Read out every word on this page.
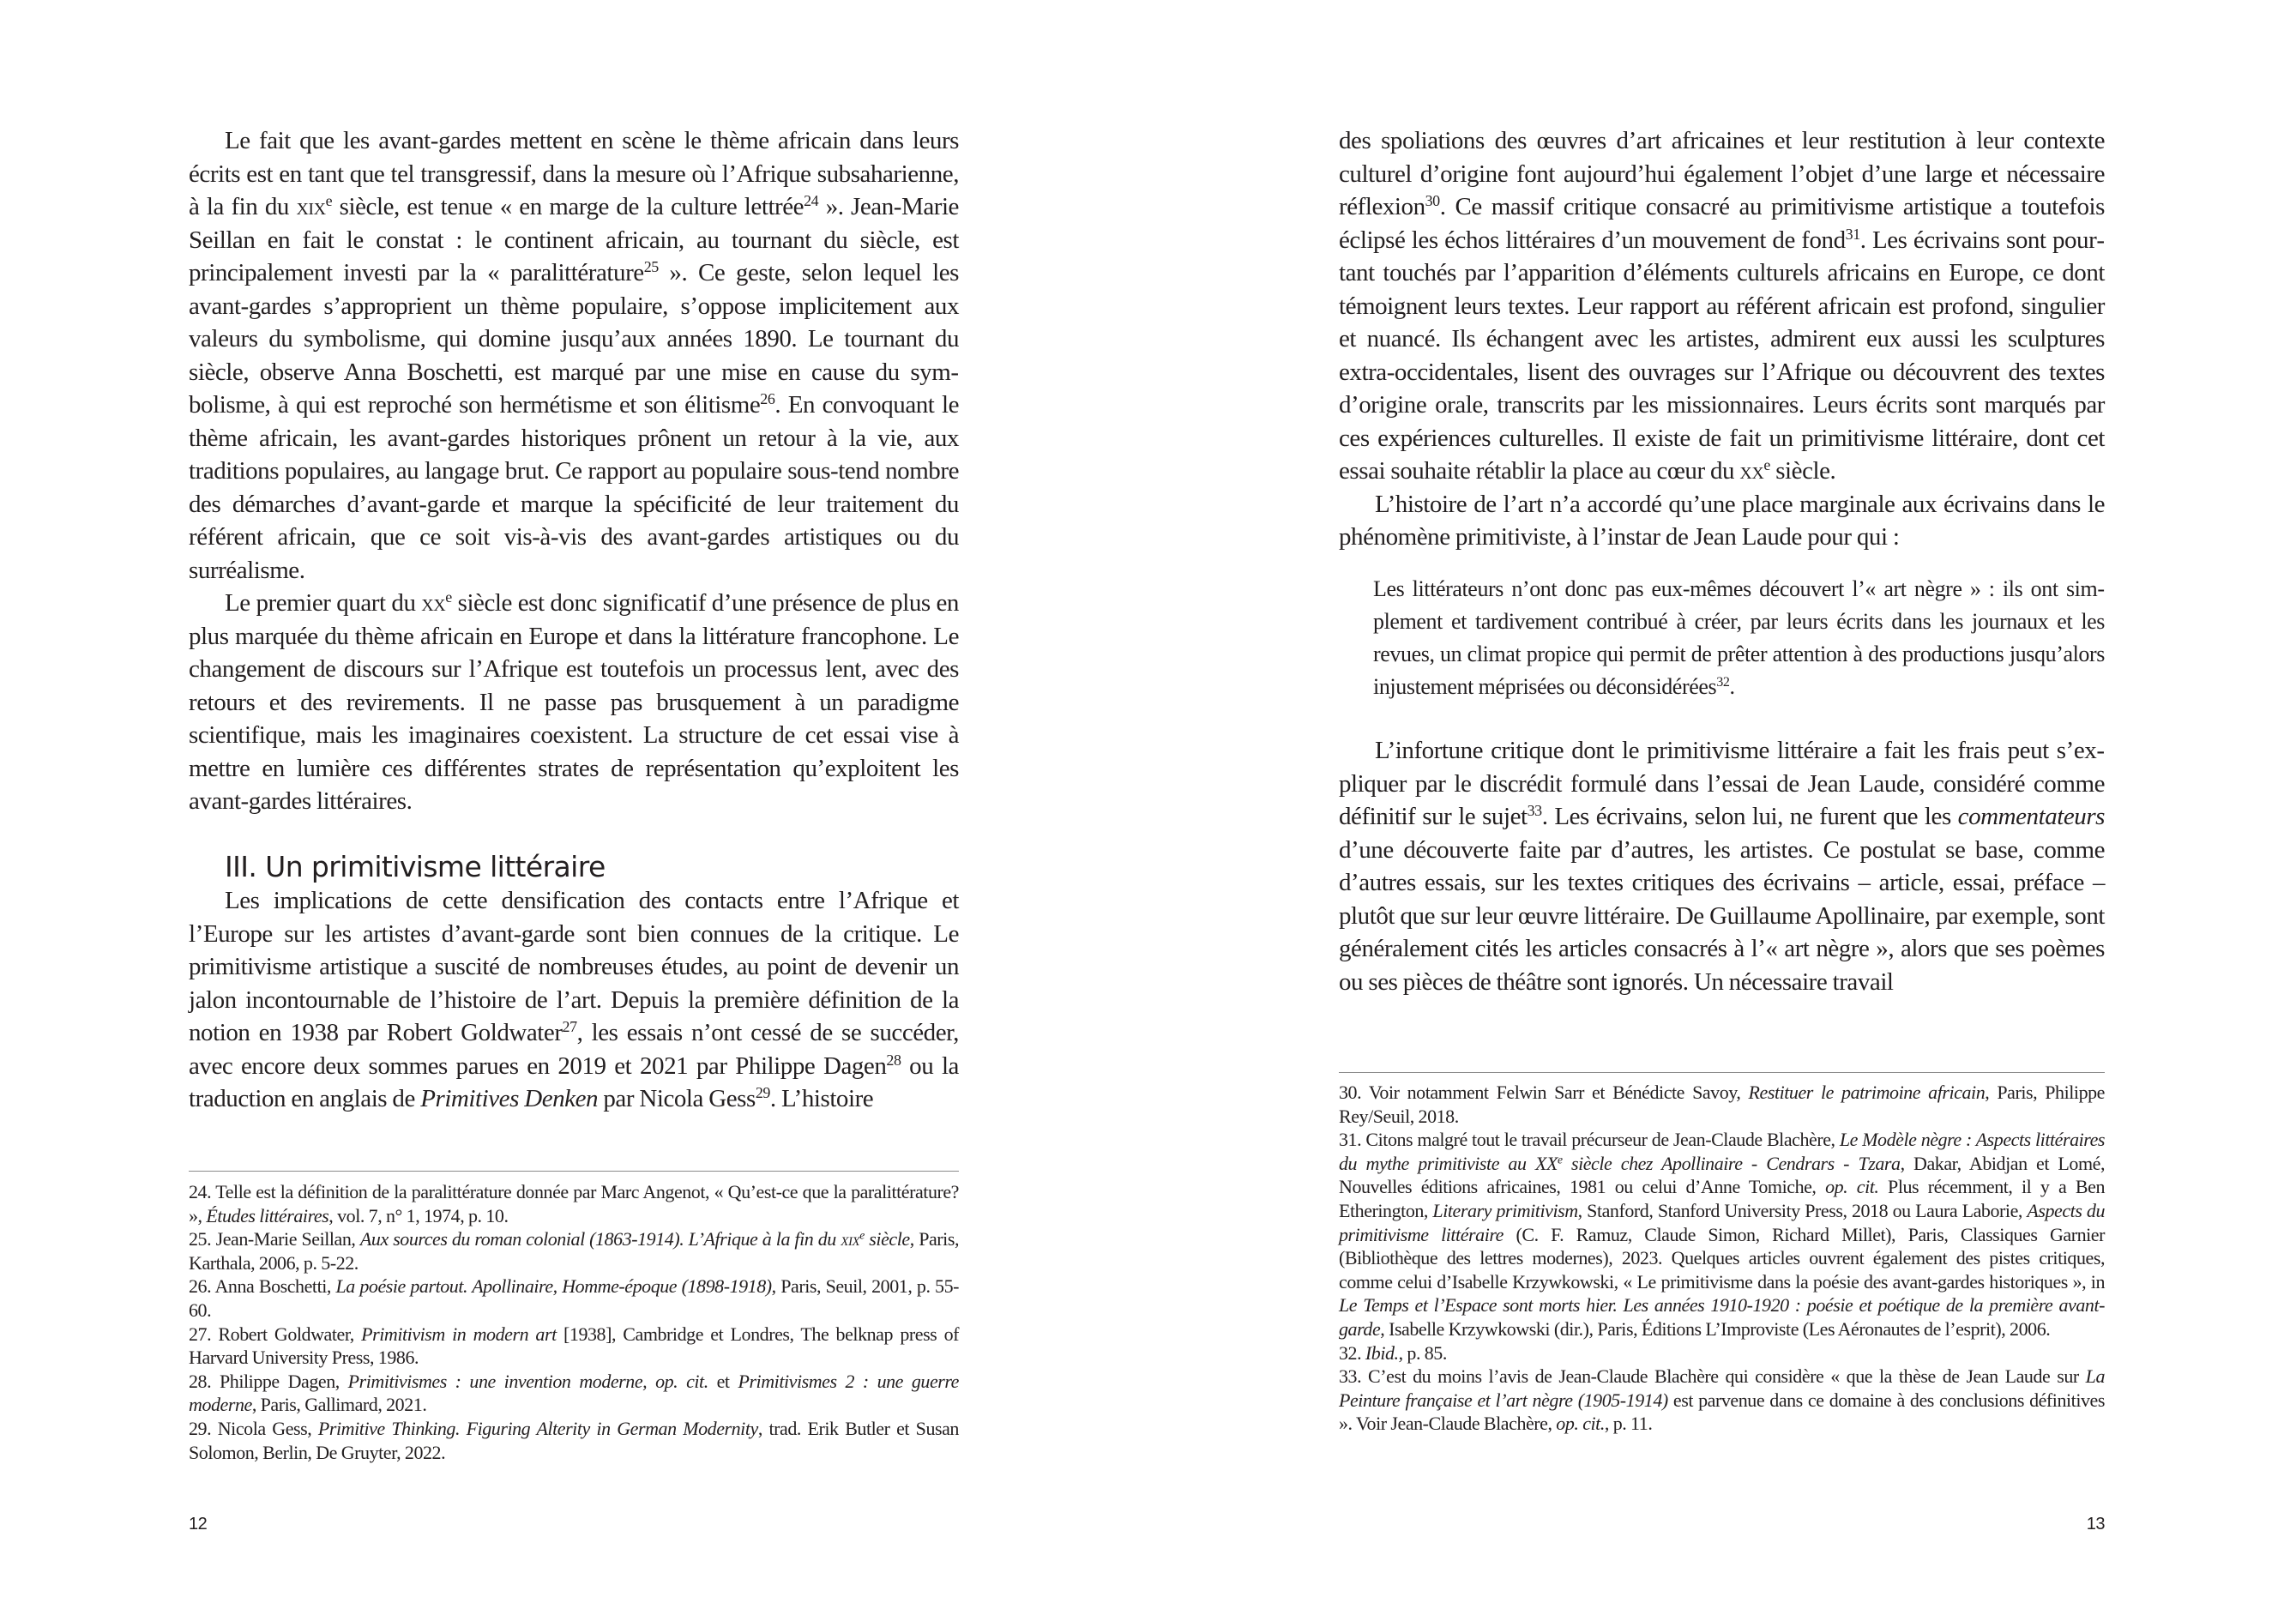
Le fait que les avant-gardes mettent en scène le thème africain dans leurs écrits est en tant que tel transgressif, dans la mesure où l’Afrique subsaharienne, à la fin du xix$^e$ siècle, est tenue « en marge de la culture lettrée$^{24}$ ». Jean-Marie Seillan en fait le constat : le continent africain, au tournant du siècle, est principalement investi par la « paralittérature$^{25}$ ». Ce geste, selon lequel les avant-gardes s’approprient un thème populaire, s’oppose implicitement aux valeurs du symbolisme, qui domine jusqu’aux années 1890. Le tournant du siècle, observe Anna Boschetti, est marqué par une mise en cause du symbolisme, à qui est reproché son hermétisme et son élitisme$^{26}$. En convoquant le thème africain, les avant-gardes historiques prônent un retour à la vie, aux traditions populaires, au langage brut. Ce rapport au populaire sous-tend nombre des démarches d’avant-garde et marque la spécificité de leur traitement du référent africain, que ce soit vis-à-vis des avant-gardes artistiques ou du surréalisme.

Le premier quart du $xx^e$ siècle est donc significatif d’une présence de plus en plus marquée du thème africain en Europe et dans la littérature francophone. Le changement de discours sur l’Afrique est toutefois un processus lent, avec des retours et des revirements. Il ne passe pas brusquement à un paradigme scientifique, mais les imaginaires coexistent. La structure de cet essai vise à mettre en lumière ces différentes strates de représentation qu’exploitent les avant-gardes littéraires.

III. Un primitivisme littéraire

Les implications de cette densification des contacts entre l’Afrique et l’Europe sur les artistes d’avant-garde sont bien connues de la critique. Le primitivisme artistique a suscité de nombreuses études, au point de devenir un jalon incontournable de l’histoire de l’art. Depuis la première définition de la notion en 1938 par Robert Goldwater$^{27}$, les essais n’ont cessé de se succéder, avec encore deux sommes parues en 2019 et 2021 par Philippe Dagen$^{28}$ ou la traduction en anglais de Primitives Denken par Nicola Gess$^{29}$. L’histoire

24. Telle est la définition de la paralittérature donnée par Marc Angenot, « Qu’est-ce que la paralittérature? », Études littéraires, vol. 7, n° 1, 1974, p. 10.

25. Jean-Marie Seillan, Aux sources du roman colonial (1863-1914). L’Afrique à la fin du xix$^e$ siècle, Paris, Karthala, 2006, p. 5-22.

26. Anna Boschetti, La poésie partout. Apollinaire, Homme-époque (1898-1918), Paris, Seuil, 2001, p. 55-60.

27. Robert Goldwater, Primitivism in modern art [1938], Cambridge et Londres, The belknap press of Harvard University Press, 1986.

28. Philippe Dagen, Primitivismes : une invention moderne, op. cit. et Primitivismes 2 : une guerre moderne, Paris, Gallimard, 2021.

29. Nicola Gess, Primitive Thinking. Figuring Alterity in German Modernity, trad. Erik Butler et Susan Solomon, Berlin, De Gruyter, 2022.

12

des spoliations des œuvres d’art africaines et leur restitution à leur contexte culturel d’origine font aujourd’hui également l’objet d’une large et nécessaire réflexion$^{30}$. Ce massif critique consacré au primitivisme artistique a toutefois éclipsé les échos littéraires d’un mouvement de fond$^{31}$. Les écrivains sont pourtant touchés par l’apparition d’éléments culturels africains en Europe, ce dont témoignent leurs textes. Leur rapport au référent africain est profond, singulier et nuancé. Ils échangent avec les artistes, admirent eux aussi les sculptures extra-occidentales, lisent des ouvrages sur l’Afrique ou découvrent des textes d’origine orale, transcrits par les missionnaires. Leurs écrits sont marqués par ces expériences culturelles. Il existe de fait un primitivisme littéraire, dont cet essai souhaite rétablir la place au cœur du $xx^e$ siècle.

L’histoire de l’art n’a accordé qu’une place marginale aux écrivains dans le phénomène primitiviste, à l’instar de Jean Laude pour qui :

Les littérateurs n’ont donc pas eux-mêmes découvert l’« art nègre » : ils ont simplement et tardivement contribué à créer, par leurs écrits dans les journaux et les revues, un climat propice qui permit de prêter attention à des productions jusqu’alors injustement méprisées ou déconsidérées$^{32}$.

L’infortune critique dont le primitivisme littéraire a fait les frais peut s’expliquer par le discrédit formulé dans l’essai de Jean Laude, considéré comme définitif sur le sujet$^{33}$. Les écrivains, selon lui, ne furent que les commentateurs d’une découverte faite par d’autres, les artistes. Ce postulat se base, comme d’autres essais, sur les textes critiques des écrivains – article, essai, préface – plutôt que sur leur œuvre littéraire. De Guillaume Apollinaire, par exemple, sont généralement cités les articles consacrés à l’« art nègre », alors que ses poèmes ou ses pièces de théâtre sont ignorés. Un nécessaire travail

30. Voir notamment Felwin Sarr et Bénédicte Savoy, Restituer le patrimoine africain, Paris, Philippe Rey/Seuil, 2018.

31. Citons malgré tout le travail précurseur de Jean-Claude Blachère, Le Modèle nègre : Aspects littéraires du mythe primitiviste au XXe siècle chez Apollinaire - Cendrars - Tzara, Dakar, Abidjan et Lomé, Nouvelles éditions africaines, 1981 ou celui d’Anne Tomiche, op. cit. Plus récemment, il y a Ben Etherington, Literary primitivism, Stanford, Stanford University Press, 2018 ou Laura Laborie, Aspects du primitivisme littéraire (C. F. Ramuz, Claude Simon, Richard Millet), Paris, Classiques Garnier (Bibliothèque des lettres modernes), 2023. Quelques articles ouvrent également des pistes critiques, comme celui d’Isabelle Krzywkowski, « Le primitivisme dans la poésie des avant-gardes historiques », in Le Temps et l’Espace sont morts hier. Les années 1910-1920 : poésie et poétique de la première avant-garde, Isabelle Krzywkowski (dir.), Paris, Éditions L’Improviste (Les Aéronautes de l’esprit), 2006.

32. Ibid., p. 85.

33. C’est du moins l’avis de Jean-Claude Blachère qui considère « que la thèse de Jean Laude sur La Peinture française et l’art nègre (1905-1914) est parvenue dans ce domaine à des conclusions définitives ». Voir Jean-Claude Blachère, op. cit., p. 11.

13
